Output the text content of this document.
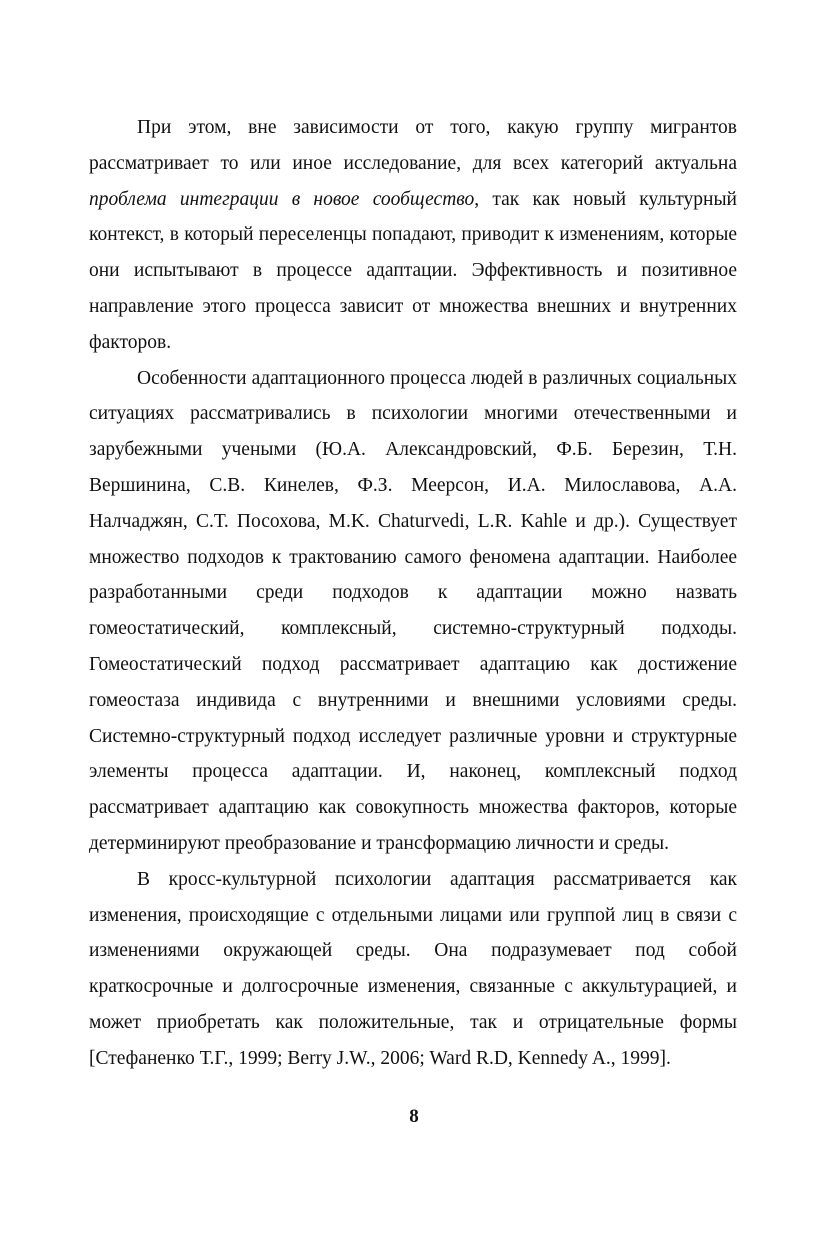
При этом, вне зависимости от того, какую группу мигрантов рассматривает то или иное исследование, для всех категорий актуальна проблема интеграции в новое сообщество, так как новый культурный контекст, в который переселенцы попадают, приводит к изменениям, которые они испытывают в процессе адаптации. Эффективность и позитивное направление этого процесса зависит от множества внешних и внутренних факторов.

Особенности адаптационного процесса людей в различных социальных ситуациях рассматривались в психологии многими отечественными и зарубежными учеными (Ю.А. Александровский, Ф.Б. Березин, Т.Н. Вершинина, С.В. Кинелев, Ф.З. Меерсон, И.А. Милославова, А.А. Налчаджян, С.Т. Посохова, M.K. Chaturvedi, L.R. Kahle и др.). Существует множество подходов к трактованию самого феномена адаптации. Наиболее разработанными среди подходов к адаптации можно назвать гомеостатический, комплексный, системно-структурный подходы. Гомеостатический подход рассматривает адаптацию как достижение гомеостаза индивида с внутренними и внешними условиями среды. Системно-структурный подход исследует различные уровни и структурные элементы процесса адаптации. И, наконец, комплексный подход рассматривает адаптацию как совокупность множества факторов, которые детерминируют преобразование и трансформацию личности и среды.

В кросс-культурной психологии адаптация рассматривается как изменения, происходящие с отдельными лицами или группой лиц в связи с изменениями окружающей среды. Она подразумевает под собой краткосрочные и долгосрочные изменения, связанные с аккультурацией, и может приобретать как положительные, так и отрицательные формы [Стефаненко Т.Г., 1999; Berry J.W., 2006; Ward R.D, Kennedy A., 1999].

8
